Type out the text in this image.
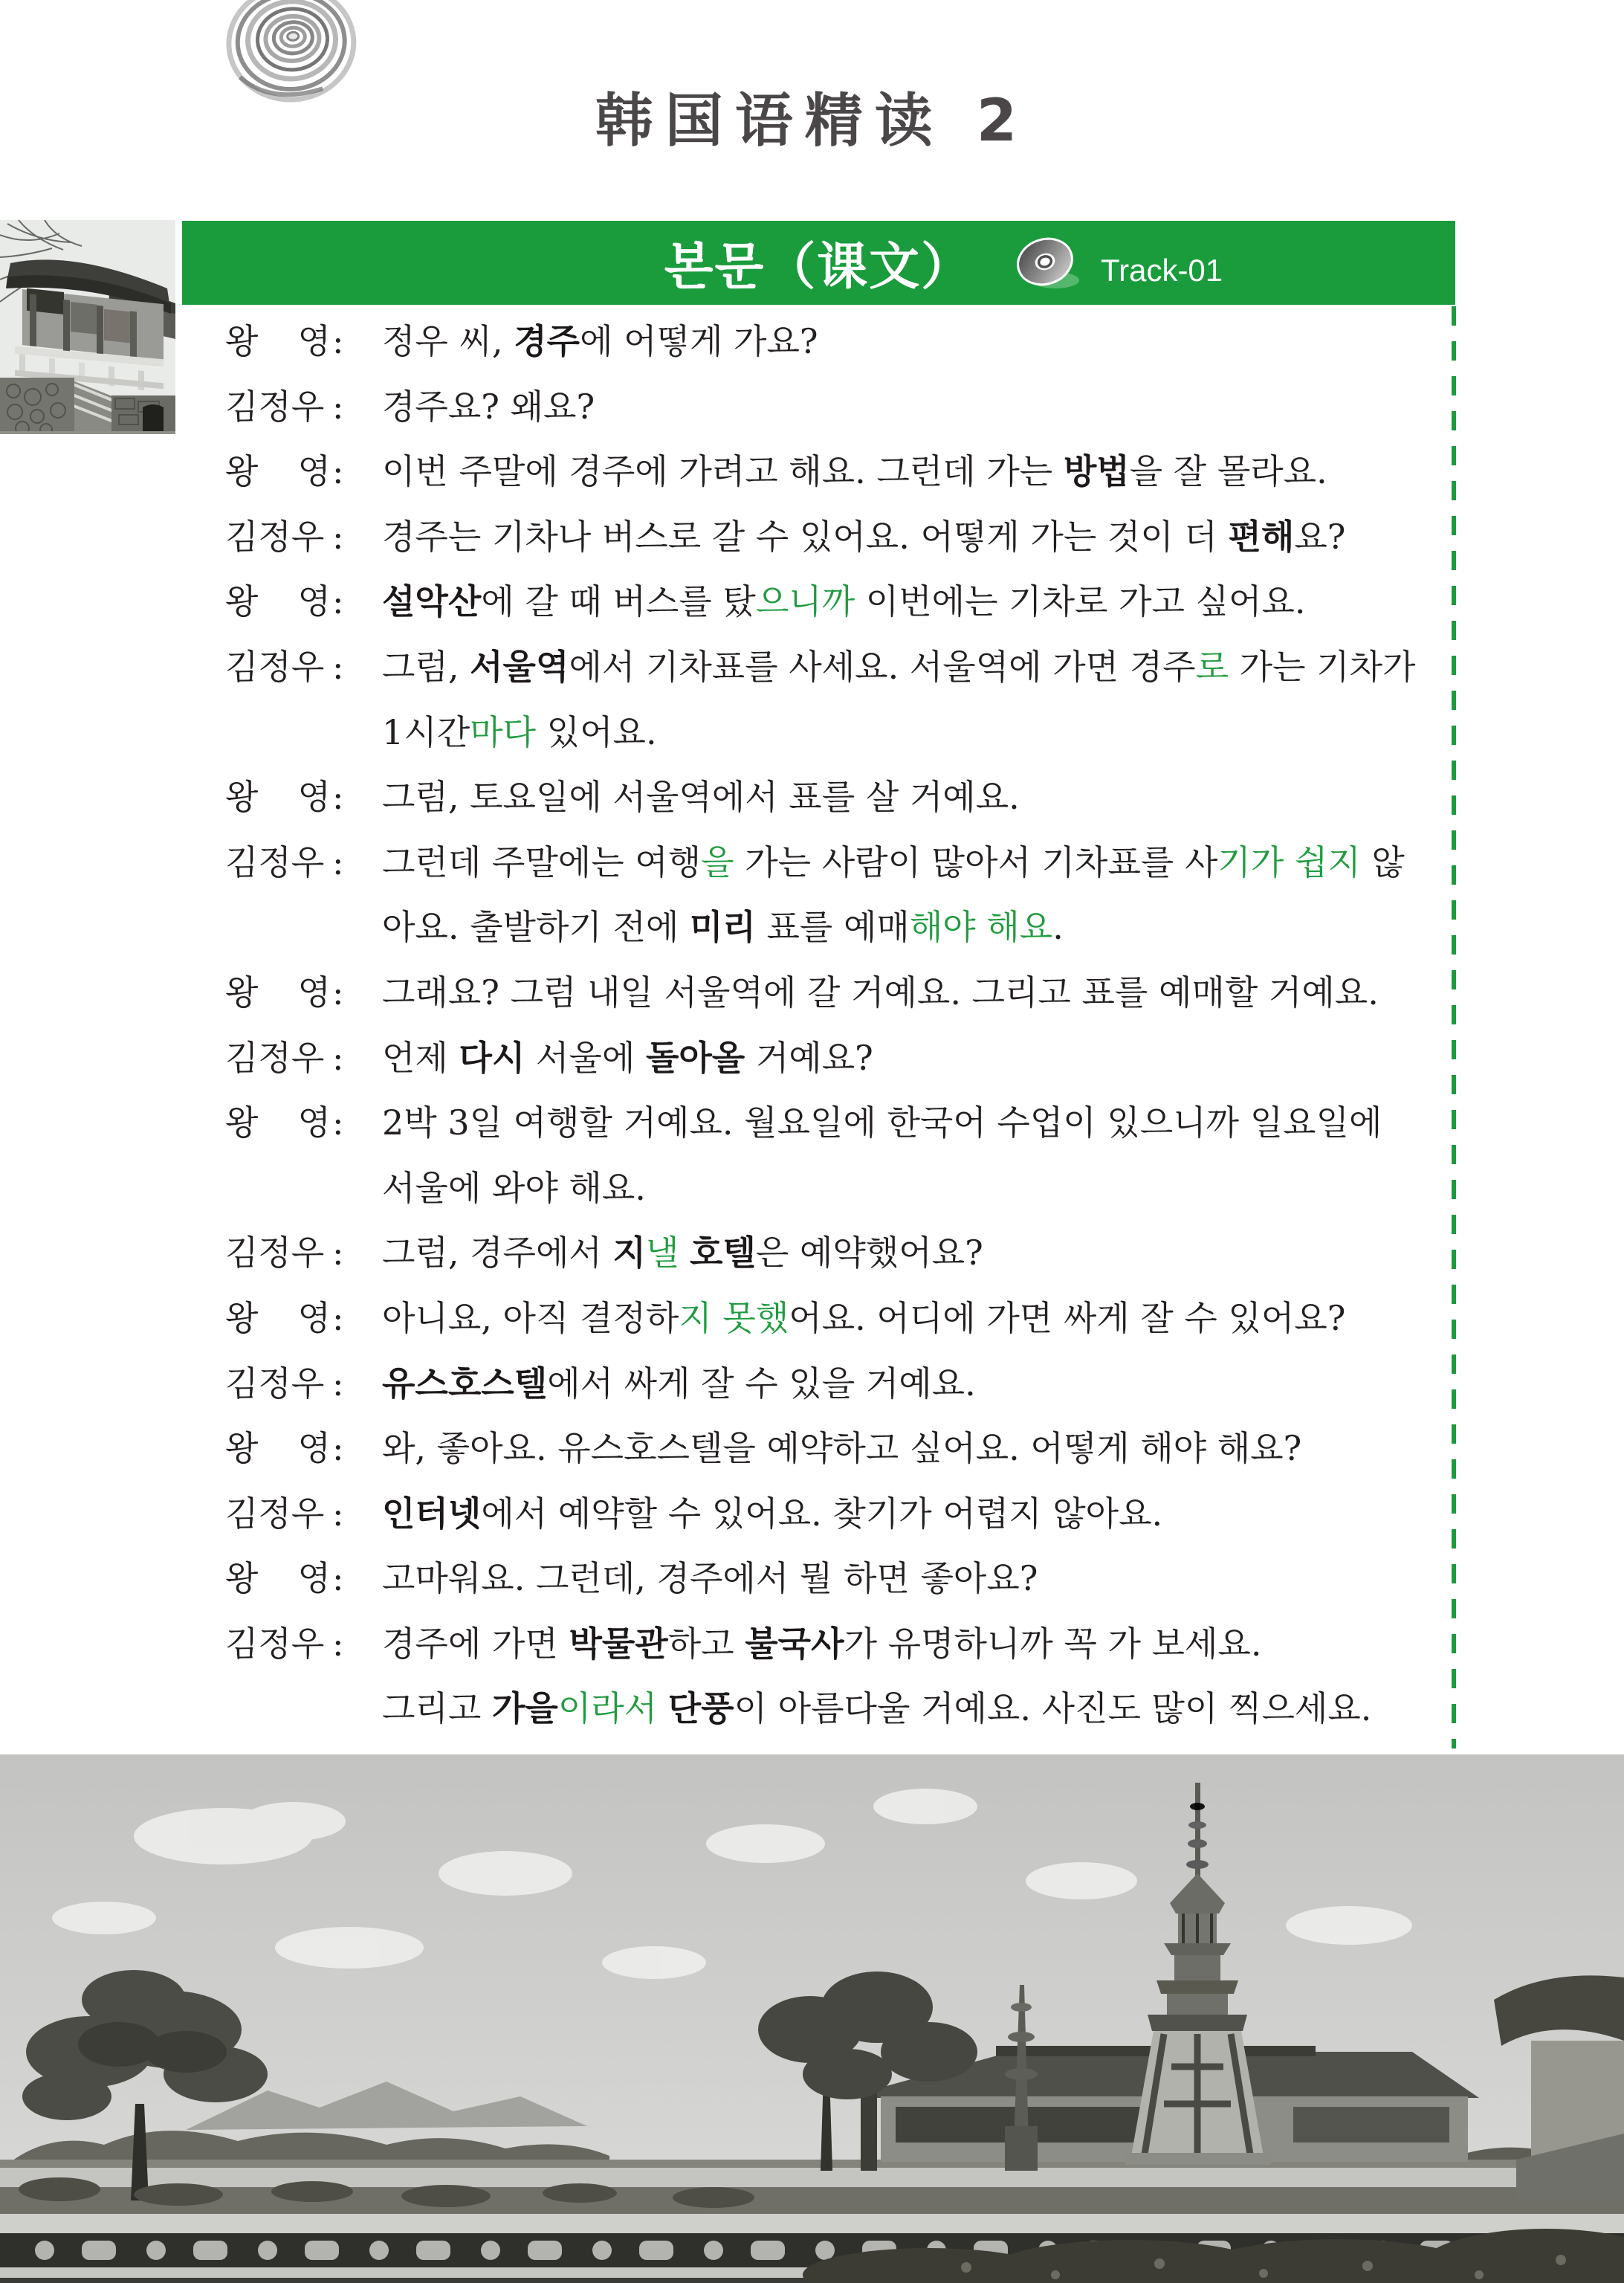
韩国语精读 2
본문（课文）	Track-01
왕 영:	정우 씨, 경주에 어떻게 가요?
김정우 :	경주요? 왜요?
왕 영:	이번 주말에 경주에 가려고 해요. 그런데 가는 방법을 잘 몰라요.
김정우 :	경주는 기차나 버스로 갈 수 있어요. 어떻게 가는 것이 더 편해요?
왕 영:	설악산에 갈 때 버스를 탔으니까 이번에는 기차로 가고 싶어요.
김정우 :	그럼, 서울역에서 기차표를 사세요. 서울역에 가면 경주로 가는 기차가
1시간마다 있어요.
왕 영:	그럼, 토요일에 서울역에서 표를 살 거예요.
김정우 :	그런데 주말에는 여행을 가는 사람이 많아서 기차표를 사기가 쉽지 않
아요. 출발하기 전에 미리 표를 예매해야 해요.
왕 영:	그래요? 그럼 내일 서울역에 갈 거예요. 그리고 표를 예매할 거예요.
김정우 :	언제 다시 서울에 돌아올 거예요?
왕 영:	2박 3일 여행할 거예요. 월요일에 한국어 수업이 있으니까 일요일에
서울에 와야 해요.
김정우 :	그럼, 경주에서 지낼 호텔은 예약했어요?
왕 영:	아니요, 아직 결정하지 못했어요. 어디에 가면 싸게 잘 수 있어요?
김정우 :	유스호스텔에서 싸게 잘 수 있을 거예요.
왕 영:	와, 좋아요. 유스호스텔을 예약하고 싶어요. 어떻게 해야 해요?
김정우 :	인터넷에서 예약할 수 있어요. 찾기가 어렵지 않아요.
왕 영:	고마워요. 그런데, 경주에서 뭘 하면 좋아요?
김정우 :	경주에 가면 박물관하고 불국사가 유명하니까 꼭 가 보세요.
그리고 가을이라서 단풍이 아름다울 거예요. 사진도 많이 찍으세요.
